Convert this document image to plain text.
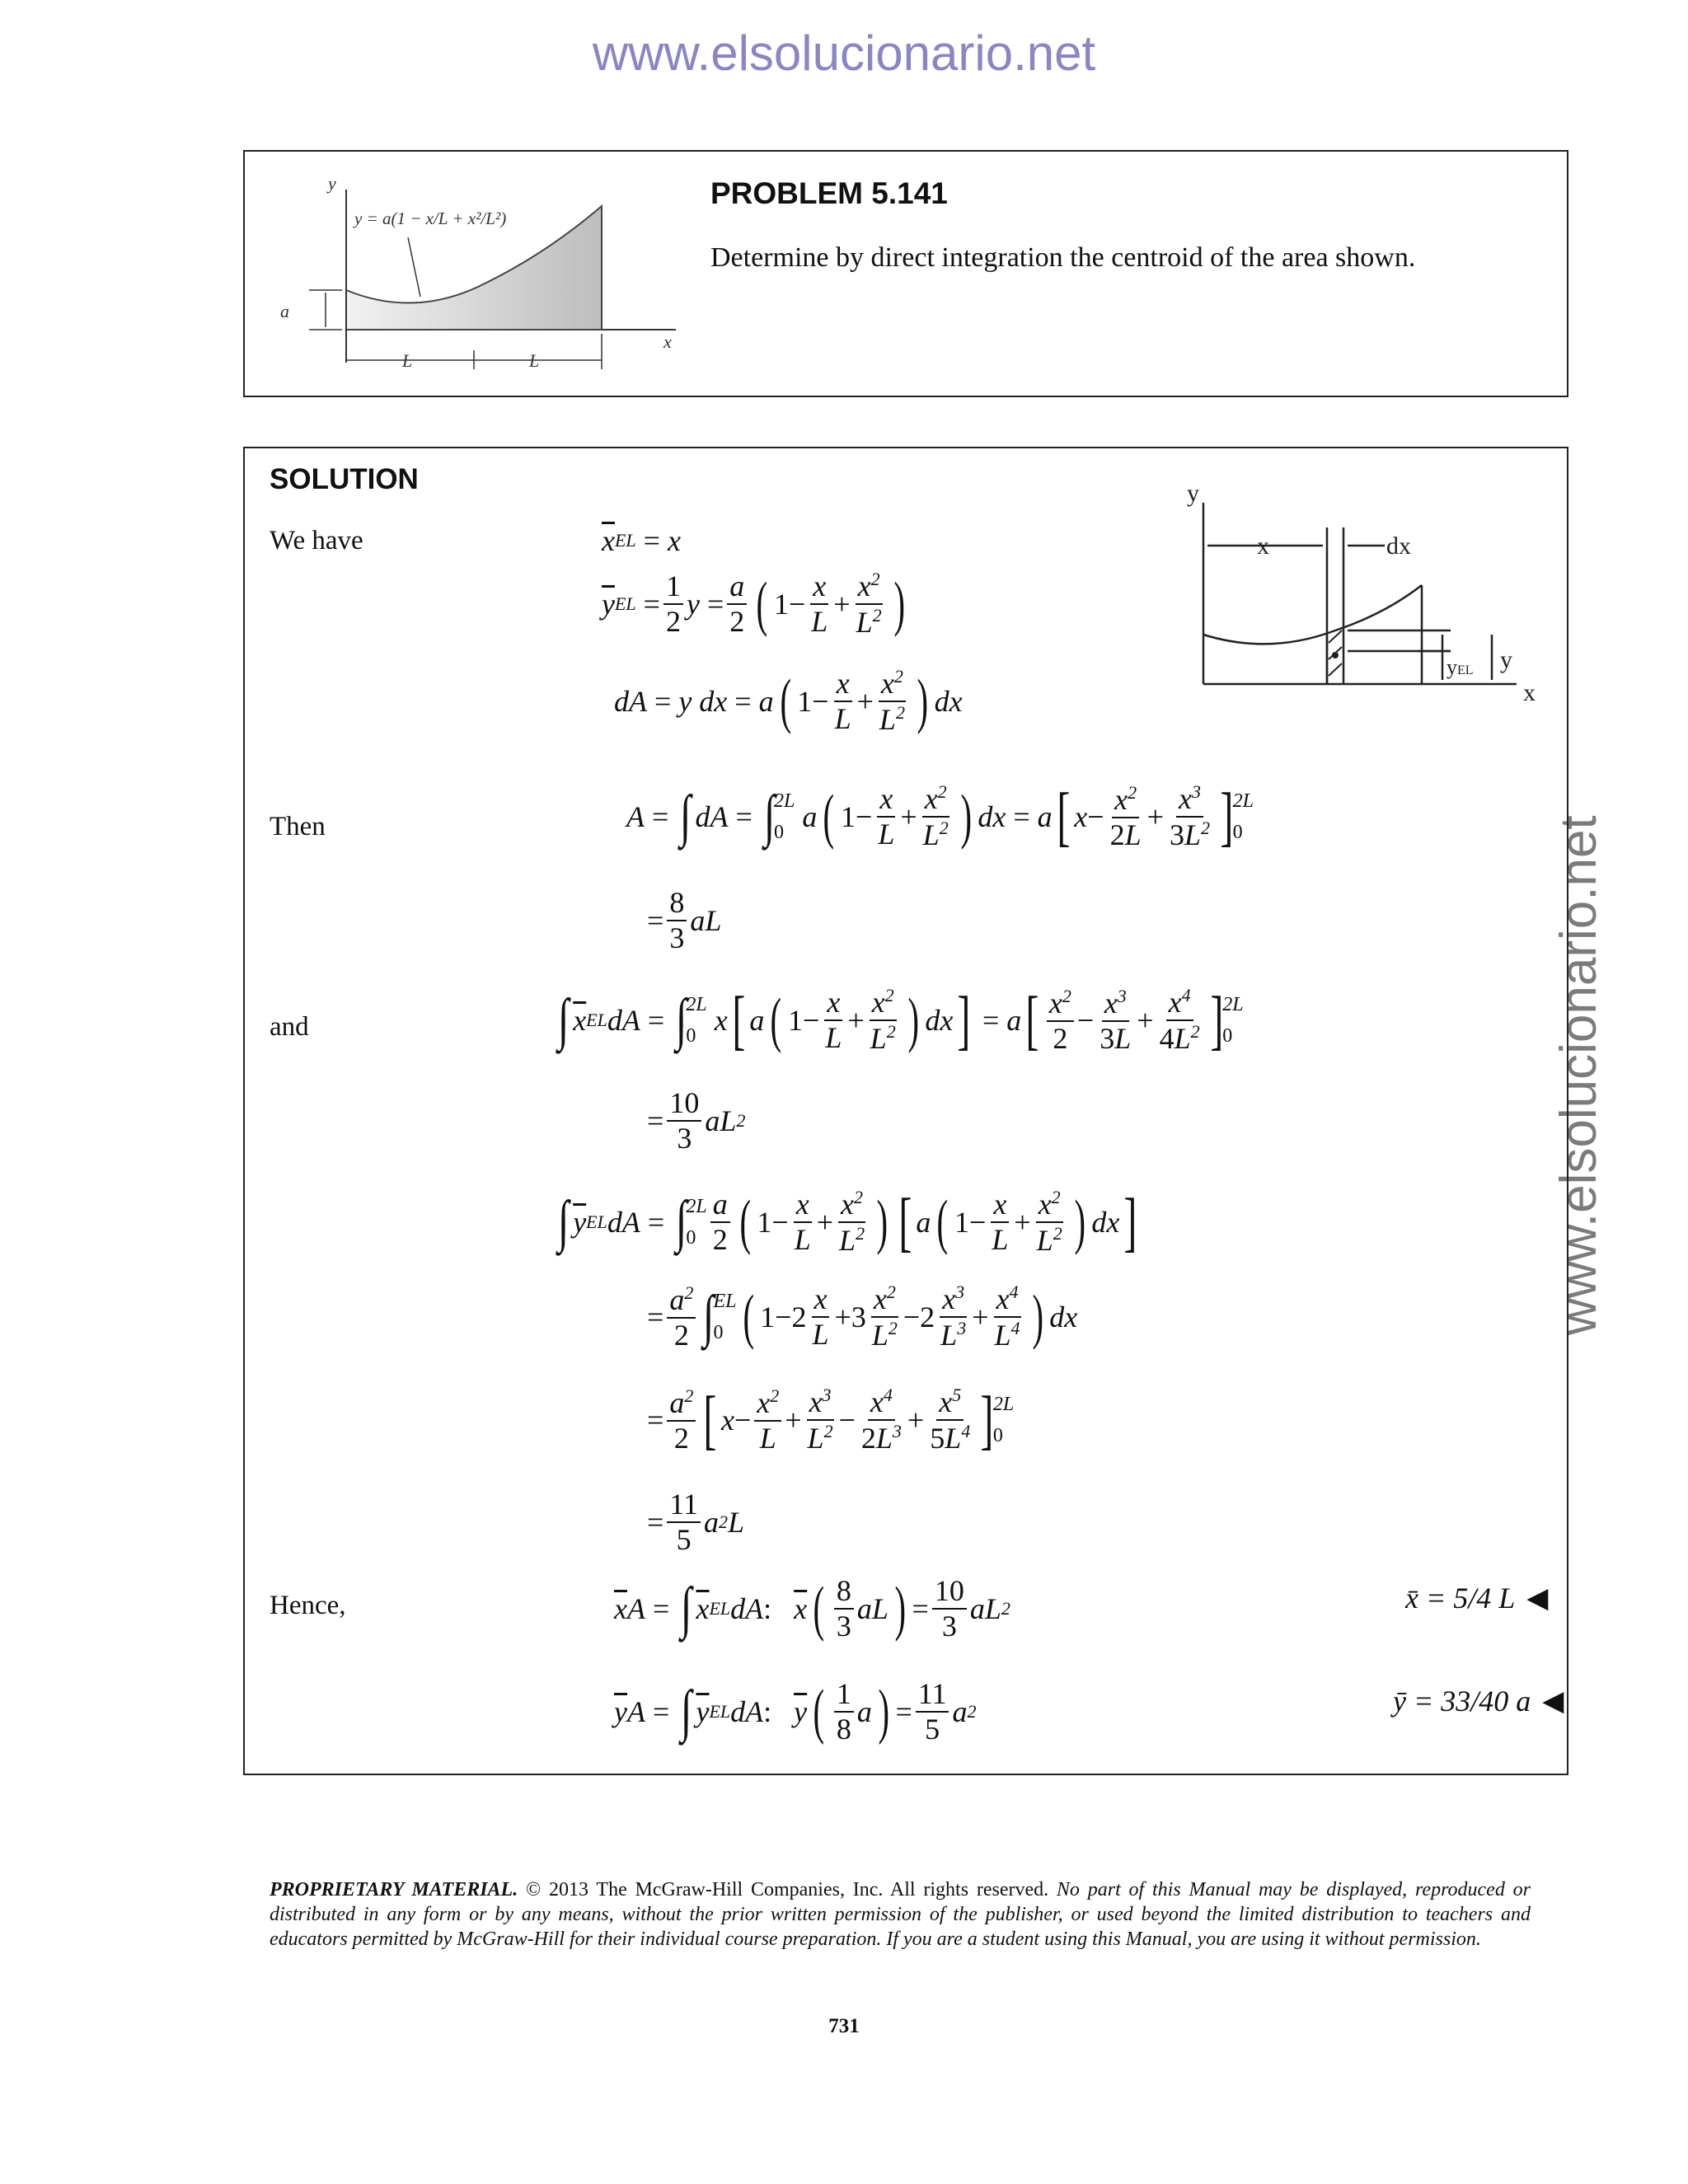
www.elsolucionario.net
www.elsolucionario.net
y
x
a
L	L
y = a(1 − x/L + x²/L²)
PROBLEM 5.141
Determine by direct integration the centroid of the area shown.
SOLUTION	y
x
x	dx
yEL y
We have
Then
and
Hence,
$\overline{x}$ EL
= x
$\overline{y}$ EL
= $\frac{1}{2}$ $y = \frac{a}{2}$ ( $1- \frac{x}{L} + \frac{x^2}{L^2}$ )
dA = y dx = a ( $1- \frac{x}{L} + \frac{x^2}{L^2}$ ) dx
A = ∫ dA = ∫
2L
0 a ( $1- \frac{x}{L} + \frac{x^2}{L^2}$ ) dx = a [ $x - \frac{x^2}{2L} + \frac{x^3}{3L^2}$ ] 2L
0
= $\frac{8}{3}$ aL
∫ $\overline{x}$ EL dA = ∫
2L
0 x [ a ( $1- \frac{x}{L} + \frac{x^2}{L^2}$ ) dx ] = a [ $\frac{x^2}{2} - \frac{x^3}{3L} + \frac{x^4}{4L^2}$ ] 2L
0
= $\frac{10}{3}$ aL 2
∫ $\overline{y}$ EL dA = ∫
2L
$0 \frac{a}{2}$ ( $1- \frac{x}{L} + \frac{x^2}{L^2}$ ) [ a ( $1- \frac{x}{L} + \frac{x^2}{L^2}$ ) dx ]
= $\frac{a^2}{2}$ ∫
EL
0 ( $1-2 \frac{x}{L} +3 \frac{x^2}{L^2} -2 \frac{x^3}{L^3} + \frac{x^4}{L^4}$ ) dx
= $\frac{a^2}{2}$ [ $x - \frac{x^2}{L} + \frac{x^3}{L^2} - \frac{x^4}{2L^3} + \frac{x^5}{5L^4}$ ] 2L
0
= $\frac{11}{5}$ a 2 L
$\overline{x}$ A = ∫ $\overline{x}$ EL dA : $\overline{x}$ ( $\frac{8}{3}$ aL ) = $\frac{10}{3}$ aL 2
$\overline{y}$ A = ∫ $\overline{y}$ EL dA : $\overline{y}$ ( $\frac{1}{8}$ a ) = $\frac{11}{5}$ a 2
x̄ = 5/4 L ◀
ȳ = 33/40 a ◀
PROPRIETARY MATERIAL. © 2013 The McGraw-Hill Companies, Inc. All rights reserved. No part of this Manual may be displayed, reproduced or distributed in any form or by any means, without the prior written permission of the publisher, or used beyond the limited distribution to teachers and educators permitted by McGraw-Hill for their individual course preparation. If you are a student using this Manual, you are using it without permission.
731
